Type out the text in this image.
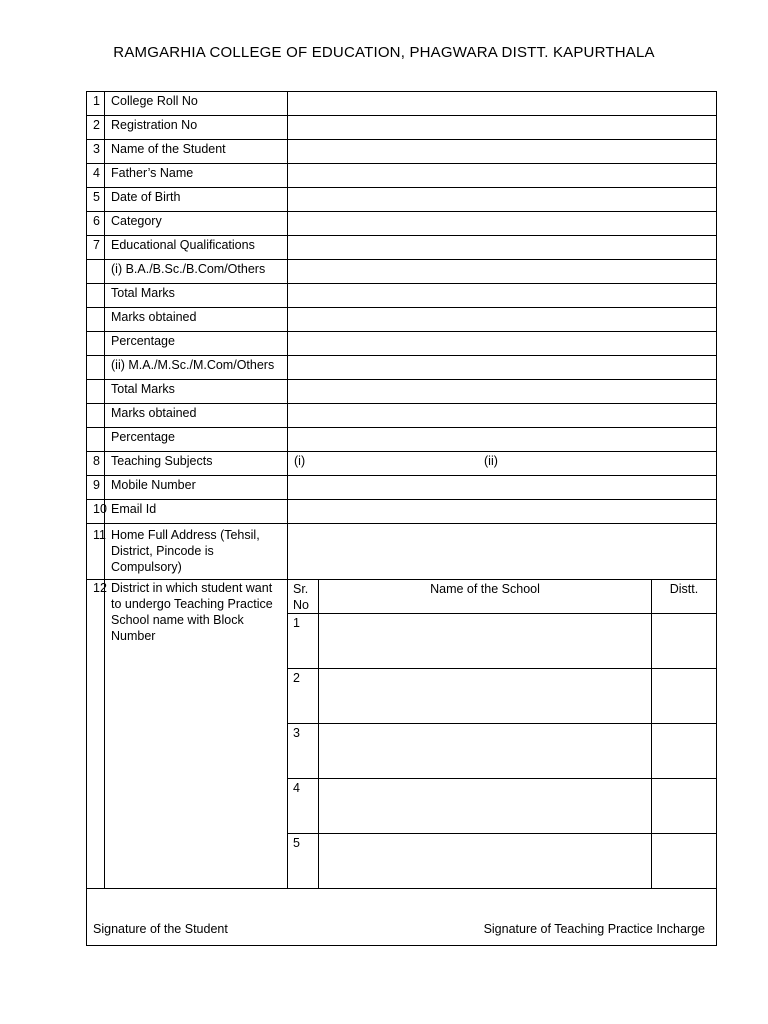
RAMGARHIA COLLEGE OF EDUCATION, PHAGWARA DISTT. KAPURTHALA
1	College Roll No	
2	Registration No	
3	Name of the Student	
4	Father’s Name	
5	Date of Birth	
6	Category	
7	Educational Qualifications	
	(i) B.A./B.Sc./B.Com/Others	
	Total Marks	
	Marks obtained	
	Percentage	
	(ii) M.A./M.Sc./M.Com/Others	
	Total Marks	
	Marks obtained	
	Percentage	
8	Teaching Subjects	(i)	(ii)

9	Mobile Number	
10	Email Id	
11	Home Full Address (Tehsil, District, Pincode is Compulsory)	
12	District in which student want to undergo Teaching Practice School name with Block Number	
Sr. No	Name of the School	Distt.
1		
2		
3		
4		
5		

Signature of the Student	Signature of Teaching Practice Incharge
